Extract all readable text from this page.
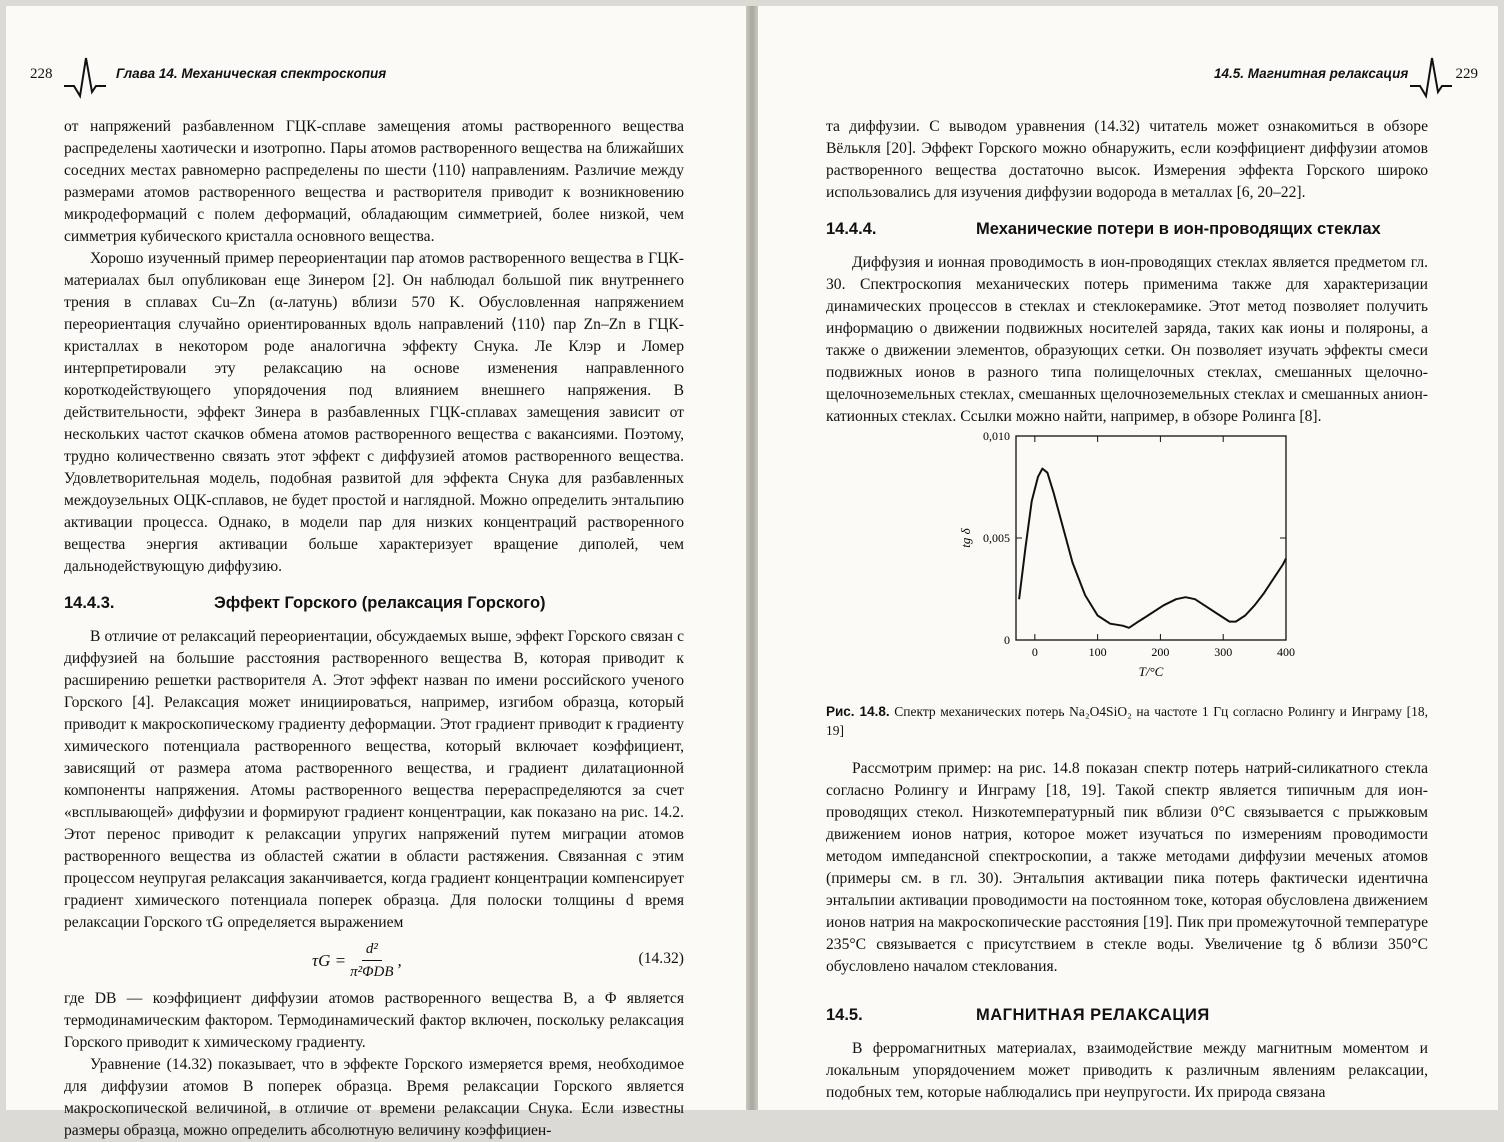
228	Глава 14. Механическая спектроскопия

от напряжений разбавленном ГЦК-сплаве замещения атомы растворенного вещества распределены хаотически и изотропно. Пары атомов растворенного вещества на ближайших соседних местах равномерно распределены по шести ⟨110⟩ направлениям. Различие между размерами атомов растворенного вещества и растворителя приводит к возникновению микродеформаций с полем деформаций, обладающим симметрией, более низкой, чем симметрия кубического кристалла основного вещества.

Хорошо изученный пример переориентации пар атомов растворенного вещества в ГЦК-материалах был опубликован еще Зинером [2]. Он наблюдал большой пик внутреннего трения в сплавах Cu–Zn (α-латунь) вблизи 570 K. Обусловленная напряжением переориентация случайно ориентированных вдоль направлений ⟨110⟩ пар Zn–Zn в ГЦК-кристаллах в некотором роде аналогична эффекту Снука. Ле Клэр и Ломер интерпретировали эту релаксацию на основе изменения направленного короткодействующего упорядочения под влиянием внешнего напряжения. В действительности, эффект Зинера в разбавленных ГЦК-сплавах замещения зависит от нескольких частот скачков обмена атомов растворенного вещества с вакансиями. Поэтому, трудно количественно связать этот эффект с диффузией атомов растворенного вещества. Удовлетворительная модель, подобная развитой для эффекта Снука для разбавленных междоузельных ОЦК-сплавов, не будет простой и наглядной. Можно определить энтальпию активации процесса. Однако, в модели пар для низких концентраций растворенного вещества энергия активации больше характеризует вращение диполей, чем дальнодействующую диффузию.

14.4.3.	Эффект Горского (релаксация Горского)

В отличие от релаксаций переориентации, обсуждаемых выше, эффект Горского связан с диффузией на большие расстояния растворенного вещества B, которая приводит к расширению решетки растворителя A. Этот эффект назван по имени российского ученого Горского [4]. Релаксация может инициироваться, например, изгибом образца, который приводит к макроскопическому градиенту деформации. Этот градиент приводит к градиенту химического потенциала растворенного вещества, который включает коэффициент, зависящий от размера атома растворенного вещества, и градиент дилатационной компоненты напряжения. Атомы растворенного вещества перераспределяются за счет «всплывающей» диффузии и формируют градиент концентрации, как показано на рис. 14.2. Этот перенос приводит к релаксации упругих напряжений путем миграции атомов растворенного вещества из областей сжатии в области растяжения. Связанная с этим процессом неупругая релаксация заканчивается, когда градиент концентрации компенсирует градиент химического потенциала поперек образца. Для полоски толщины d время релаксации Горского τG определяется выражением

$\tau G = \frac{\text{d²}}{\text{π²ΦDB}}$ ,	(14.32)

где DB — коэффициент диффузии атомов растворенного вещества B, а Φ является термодинамическим фактором. Термодинамический фактор включен, поскольку релаксация Горского приводит к химическому градиенту.

Уравнение (14.32) показывает, что в эффекте Горского измеряется время, необходимое для диффузии атомов B поперек образца. Время релаксации Горского является макроскопической величиной, в отличие от времени релаксации Снука. Если известны размеры образца, можно определить абсолютную величину коэффициен-

14.5. Магнитная релаксация	229

та диффузии. С выводом уравнения (14.32) читатель может ознакомиться в обзоре Вёлькля [20]. Эффект Горского можно обнаружить, если коэффициент диффузии атомов растворенного вещества достаточно высок. Измерения эффекта Горского широко использовались для изучения диффузии водорода в металлах [6, 20–22].

14.4.4.	Механические потери в ион-проводящих стеклах

Диффузия и ионная проводимость в ион-проводящих стеклах является предметом гл. 30. Спектроскопия механических потерь применима также для характеризации динамических процессов в стеклах и стеклокерамике. Этот метод позволяет получить информацию о движении подвижных носителей заряда, таких как ионы и поляроны, а также о движении элементов, образующих сетки. Он позволяет изучать эффекты смеси подвижных ионов в разного типа полищелочных стеклах, смешанных щелочно-щелочноземельных стеклах, смешанных щелочноземельных стеклах и смешанных анион-катионных стеклах. Ссылки можно найти, например, в обзоре Ролинга [8].

T/°C
tg δ
0	100	200	300	400
0
0,005
0,010
Рис. 14.8. Спектр механических потерь Na₂O4SiO₂ на частоте 1 Гц согласно Ролингу и Инграму [18, 19]

Рассмотрим пример: на рис. 14.8 показан спектр потерь натрий-силикатного стекла согласно Ролингу и Инграму [18, 19]. Такой спектр является типичным для ион-проводящих стекол. Низкотемпературный пик вблизи 0°C связывается с прыжковым движением ионов натрия, которое может изучаться по измерениям проводимости методом импедансной спектроскопии, а также методами диффузии меченых атомов (примеры см. в гл. 30). Энтальпия активации пика потерь фактически идентична энтальпии активации проводимости на постоянном токе, которая обусловлена движением ионов натрия на макроскопические расстояния [19]. Пик при промежуточной температуре 235°C связывается с присутствием в стекле воды. Увеличение tg δ вблизи 350°C обусловлено началом стеклования.

14.5.	МАГНИТНАЯ РЕЛАКСАЦИЯ

В ферромагнитных материалах, взаимодействие между магнитным моментом и локальным упорядочением может приводить к различным явлениям релаксации, подобных тем, которые наблюдались при неупругости. Их природа связана
